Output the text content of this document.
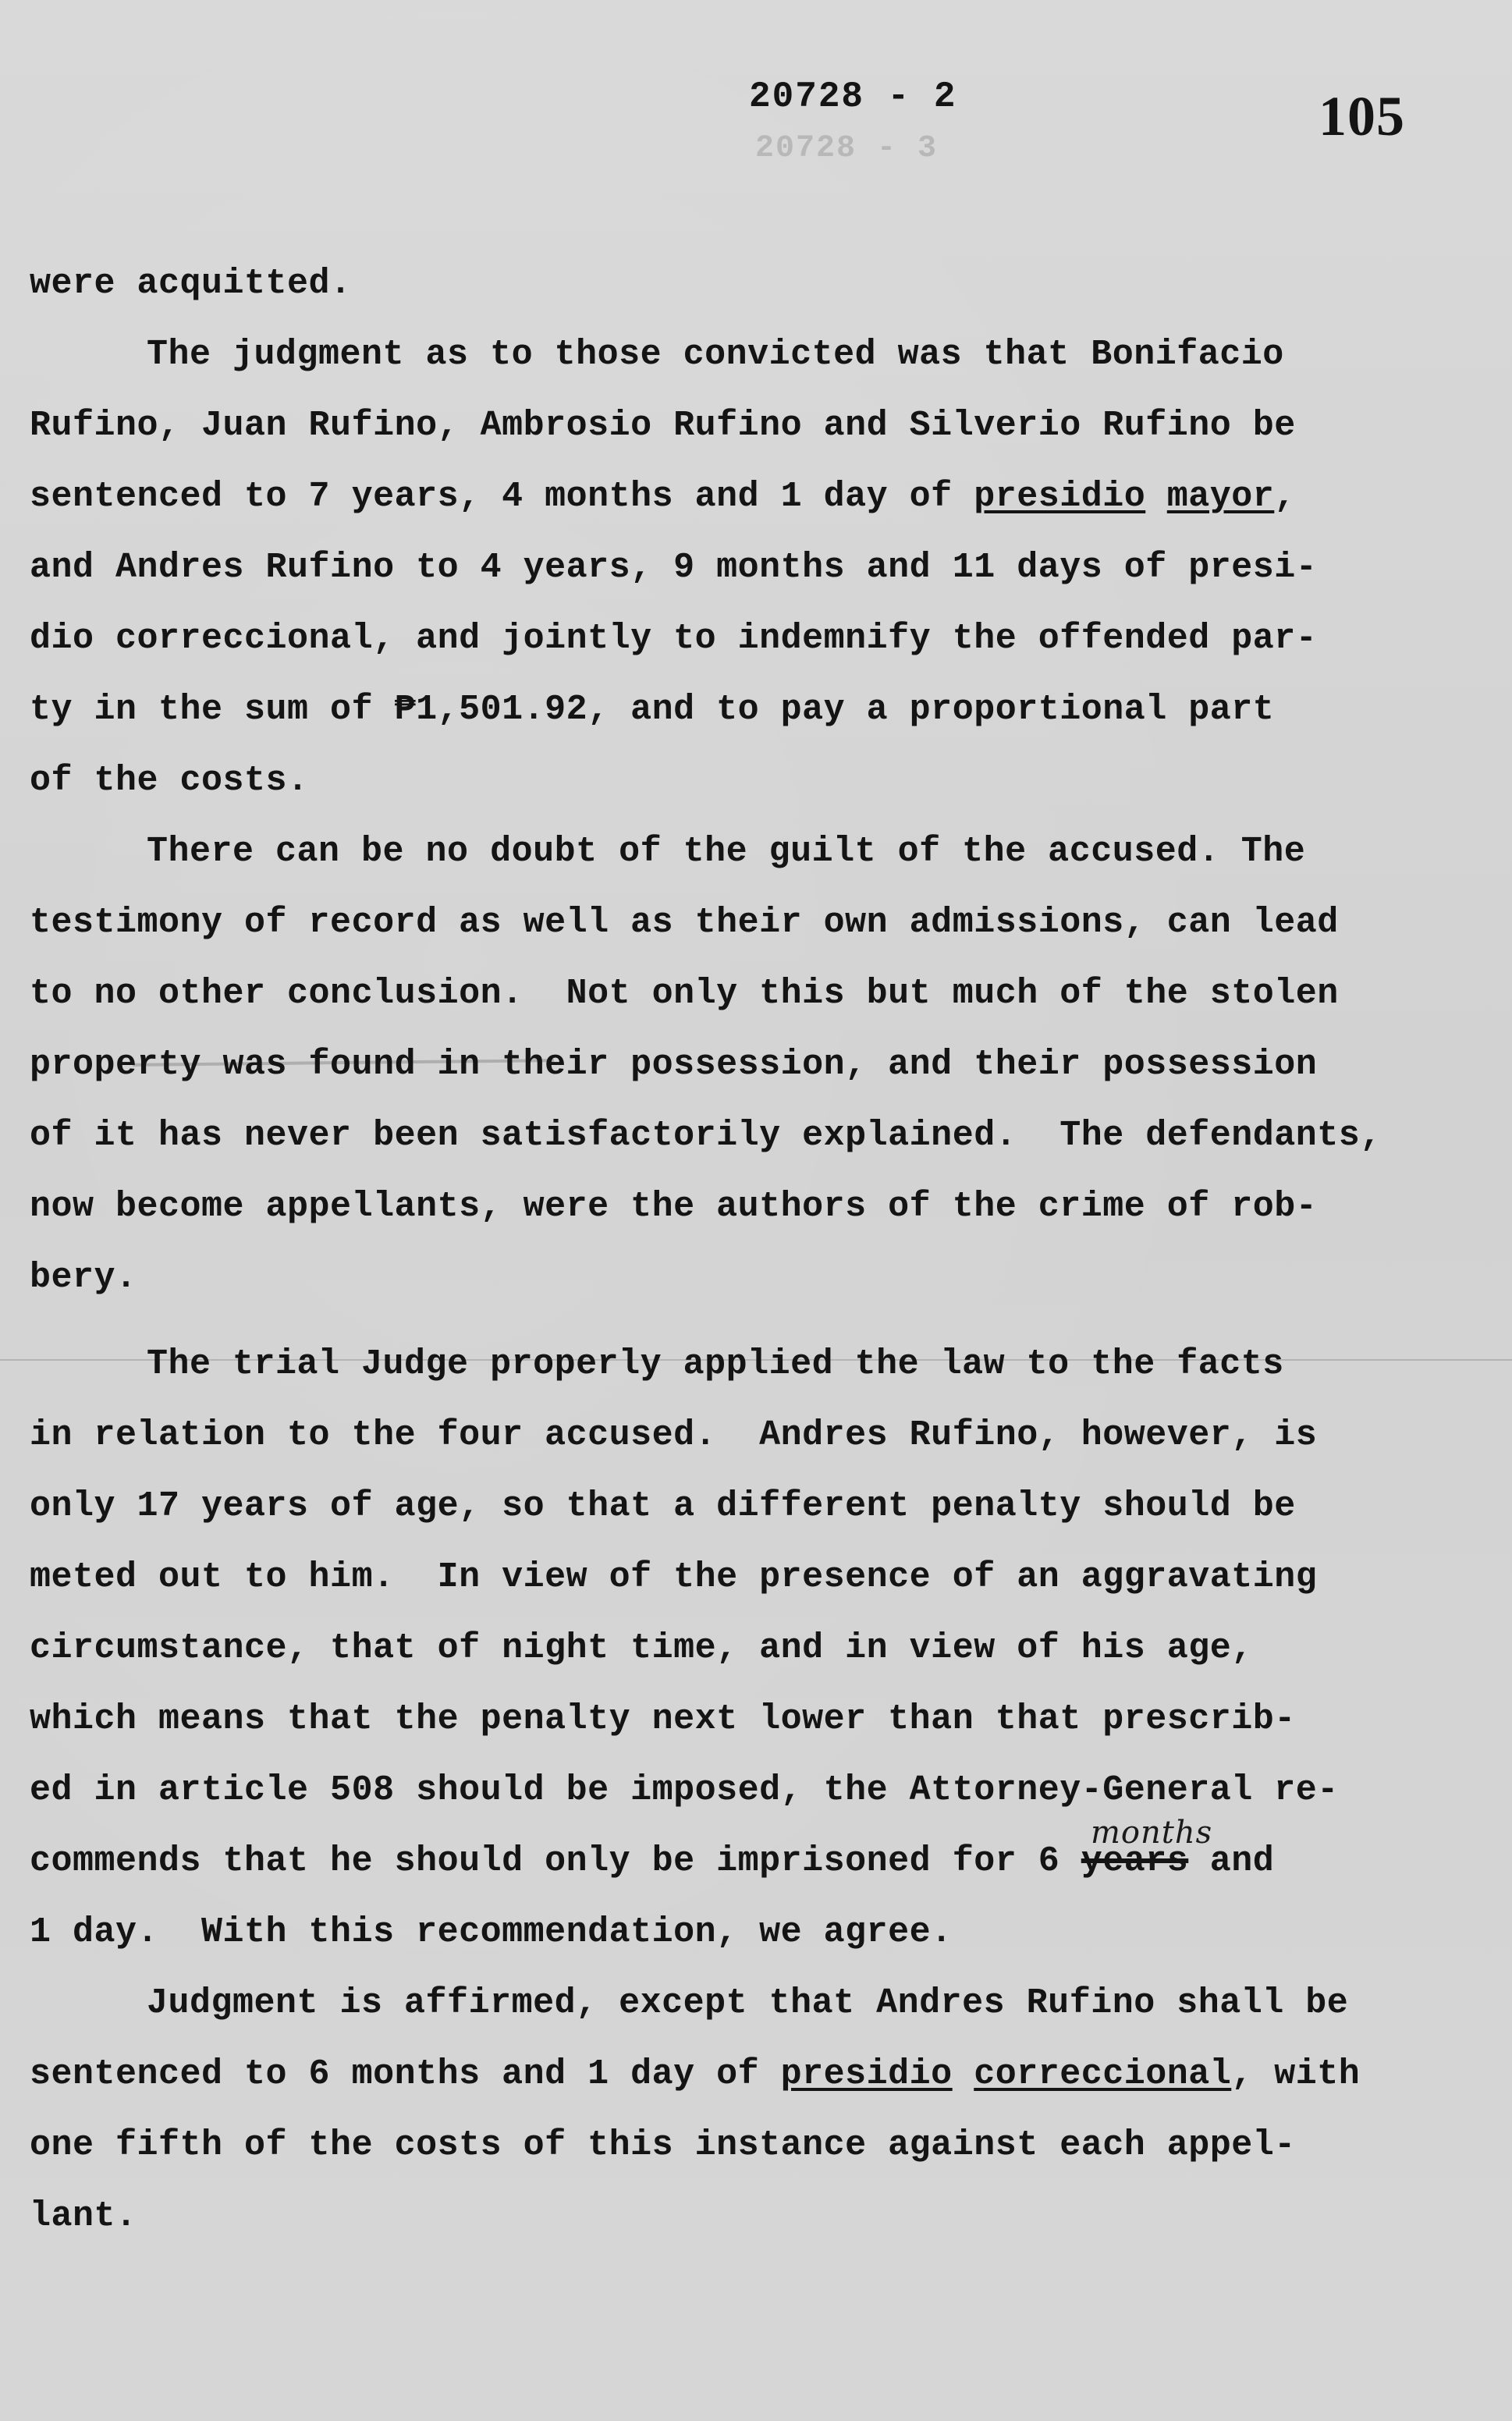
20728 - 3
20728 - 2	105
were acquitted.
The judgment as to those convicted was that Bonifacio
Rufino, Juan Rufino, Ambrosio Rufino and Silverio Rufino be
sentenced to 7 years, 4 months and 1 day of presidio mayor,
and Andres Rufino to 4 years, 9 months and 11 days of presi-
dio correccional, and jointly to indemnify the offended par-
ty in the sum of ₱1,501.92, and to pay a proportional part
of the costs.
There can be no doubt of the guilt of the accused. The
testimony of record as well as their own admissions, can lead
to no other conclusion.  Not only this but much of the stolen
property was found in their possession, and their possession
of it has never been satisfactorily explained.  The defendants,
now become appellants, were the authors of the crime of rob-
bery.
The trial Judge properly applied the law to the facts
in relation to the four accused.  Andres Rufino, however, is
only 17 years of age, so that a different penalty should be
meted out to him.  In view of the presence of an aggravating
circumstance, that of night time, and in view of his age,
which means that the penalty next lower than that prescrib-
ed in article 508 should be imposed, the Attorney-General re-
commends that he should only be imprisoned for 6 years and
months
1 day.  With this recommendation, we agree.
Judgment is affirmed, except that Andres Rufino shall be
sentenced to 6 months and 1 day of presidio correccional, with
one fifth of the costs of this instance against each appel-
lant.
